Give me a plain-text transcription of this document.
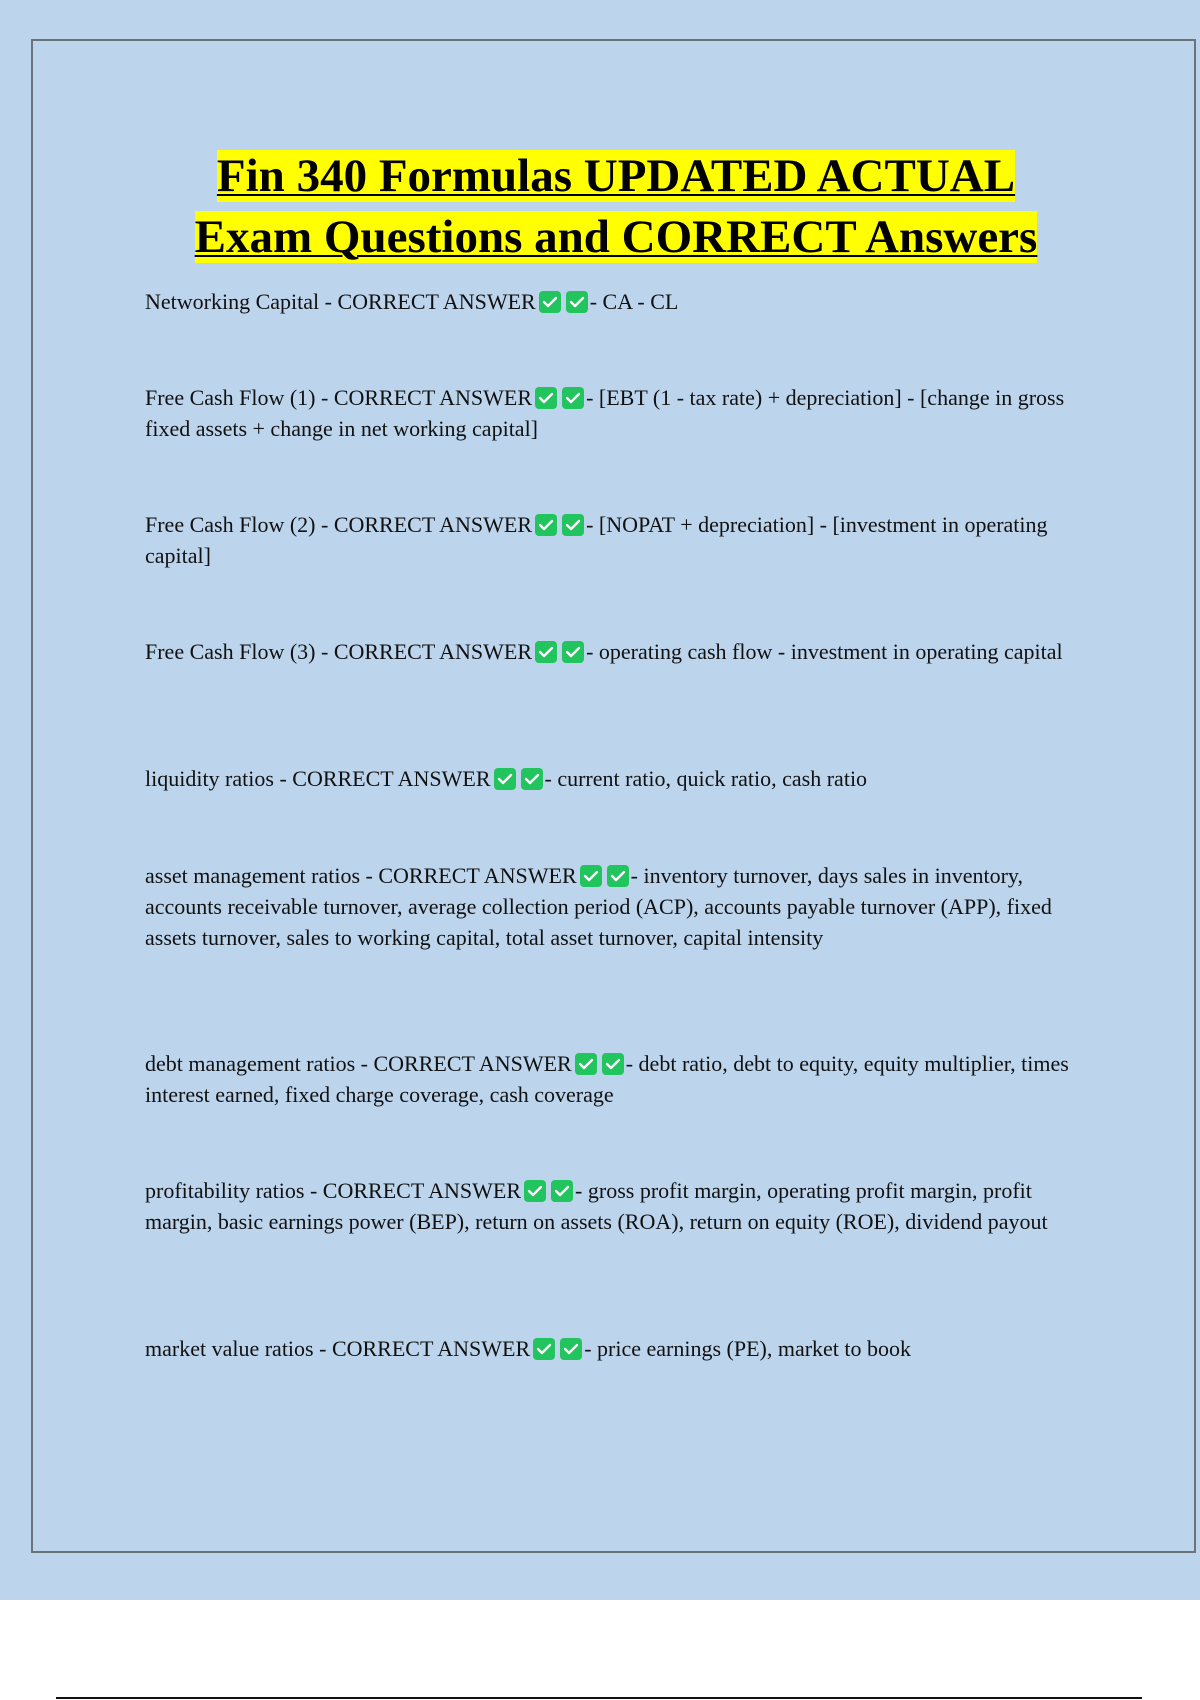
Fin 340 Formulas UPDATED ACTUAL
Exam Questions and CORRECT Answers
Networking Capital - CORRECT ANSWER - CA - CL
Free Cash Flow (1) - CORRECT ANSWER - [EBT (1 - tax rate) + depreciation] - [change in gross fixed assets + change in net working capital]
Free Cash Flow (2) - CORRECT ANSWER - [NOPAT + depreciation] - [investment in operating capital]
Free Cash Flow (3) - CORRECT ANSWER - operating cash flow - investment in operating capital
liquidity ratios - CORRECT ANSWER - current ratio, quick ratio, cash ratio
asset management ratios - CORRECT ANSWER - inventory turnover, days sales in inventory, accounts receivable turnover, average collection period (ACP), accounts payable turnover (APP), fixed assets turnover, sales to working capital, total asset turnover, capital intensity
debt management ratios - CORRECT ANSWER - debt ratio, debt to equity, equity multiplier, times interest earned, fixed charge coverage, cash coverage
profitability ratios - CORRECT ANSWER - gross profit margin, operating profit margin, profit margin, basic earnings power (BEP), return on assets (ROA), return on equity (ROE), dividend payout
market value ratios - CORRECT ANSWER - price earnings (PE), market to book
